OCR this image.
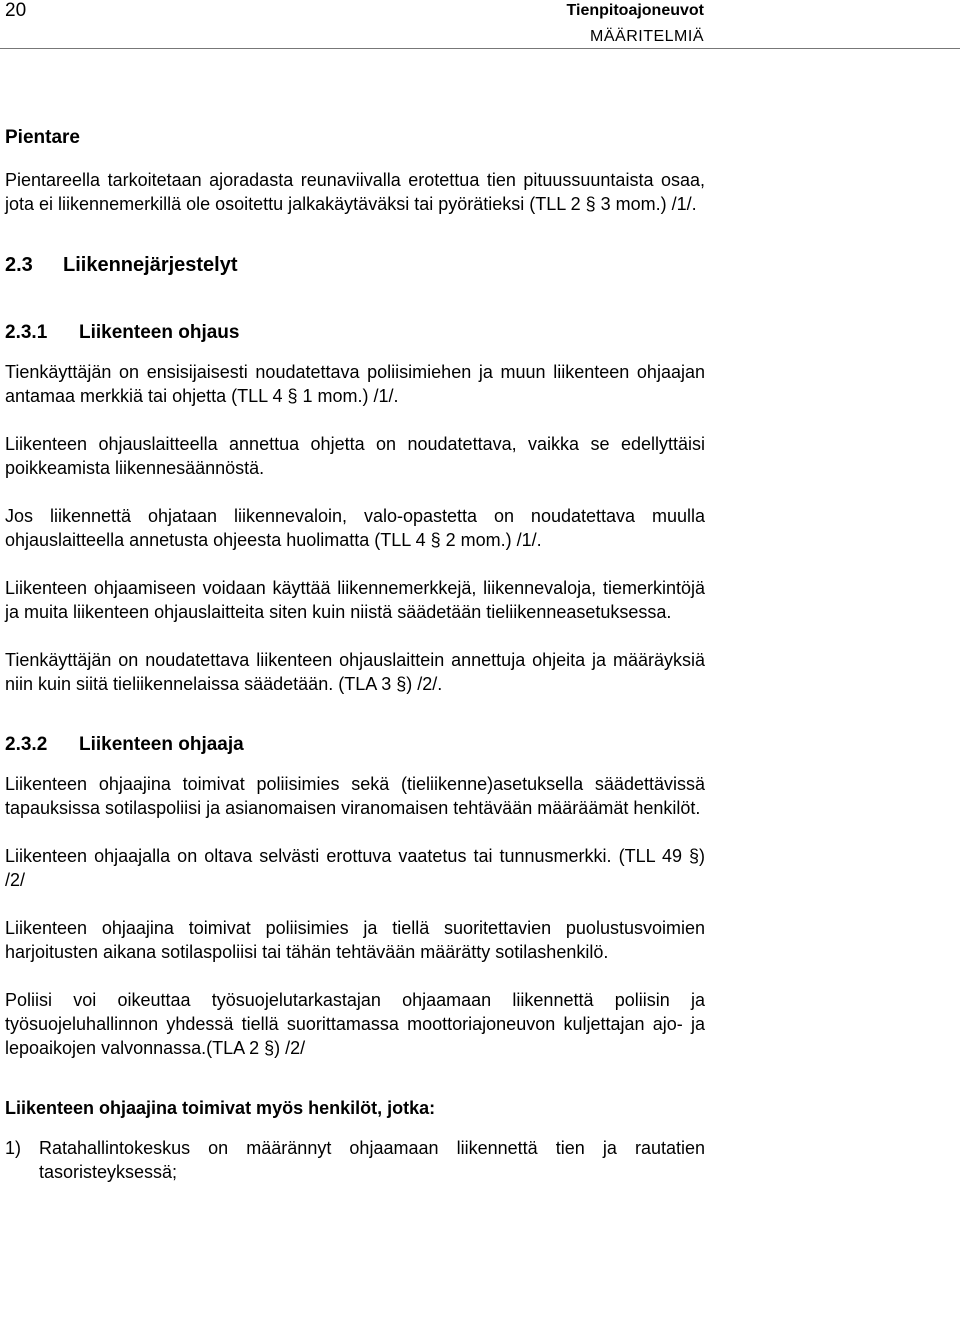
20	Tienpitoajoneuvot
MÄÄRITELMIÄ
Pientare

Pientareella tarkoitetaan ajoradasta reunaviivalla erotettua tien pituussuuntaista osaa, jota ei liikennemerkillä ole osoitettu jalkakäytäväksi tai pyörätieksi (TLL 2 § 3 mom.) /1/.

2.3 Liikennejärjestelyt
2.3.1 Liikenteen ohjaus

Tienkäyttäjän on ensisijaisesti noudatettava poliisimiehen ja muun liikenteen ohjaajan antamaa merkkiä tai ohjetta (TLL 4 § 1 mom.) /1/.

Liikenteen ohjauslaitteella annettua ohjetta on noudatettava, vaikka se edellyttäisi poikkeamista liikennesäännöstä.

Jos liikennettä ohjataan liikennevaloin, valo-opastetta on noudatettava muulla ohjauslaitteella annetusta ohjeesta huolimatta (TLL 4 § 2 mom.) /1/.

Liikenteen ohjaamiseen voidaan käyttää liikennemerkkejä, liikennevaloja, tiemerkintöjä ja muita liikenteen ohjauslaitteita siten kuin niistä säädetään tieliikenneasetuksessa.

Tienkäyttäjän on noudatettava liikenteen ohjauslaittein annettuja ohjeita ja määräyksiä niin kuin siitä tieliikennelaissa säädetään. (TLA 3 §) /2/.

2.3.2 Liikenteen ohjaaja

Liikenteen ohjaajina toimivat poliisimies sekä (tieliikenne)asetuksella säädettävissä tapauksissa sotilaspoliisi ja asianomaisen viranomaisen tehtävään määräämät henkilöt.

Liikenteen ohjaajalla on oltava selvästi erottuva vaatetus tai tunnusmerkki. (TLL 49 §) /2/

Liikenteen ohjaajina toimivat poliisimies ja tiellä suoritettavien puolustusvoimien harjoitusten aikana sotilaspoliisi tai tähän tehtävään määrätty sotilashenkilö.

Poliisi voi oikeuttaa työsuojelutarkastajan ohjaamaan liikennettä poliisin ja työsuojeluhallinnon yhdessä tiellä suorittamassa moottoriajoneuvon kuljettajan ajo- ja lepoaikojen valvonnassa.(TLA 2 §) /2/

Liikenteen ohjaajina toimivat myös henkilöt, jotka:
1) Ratahallintokeskus on määrännyt ohjaamaan liikennettä tien ja rautatien tasoristeyksessä;
